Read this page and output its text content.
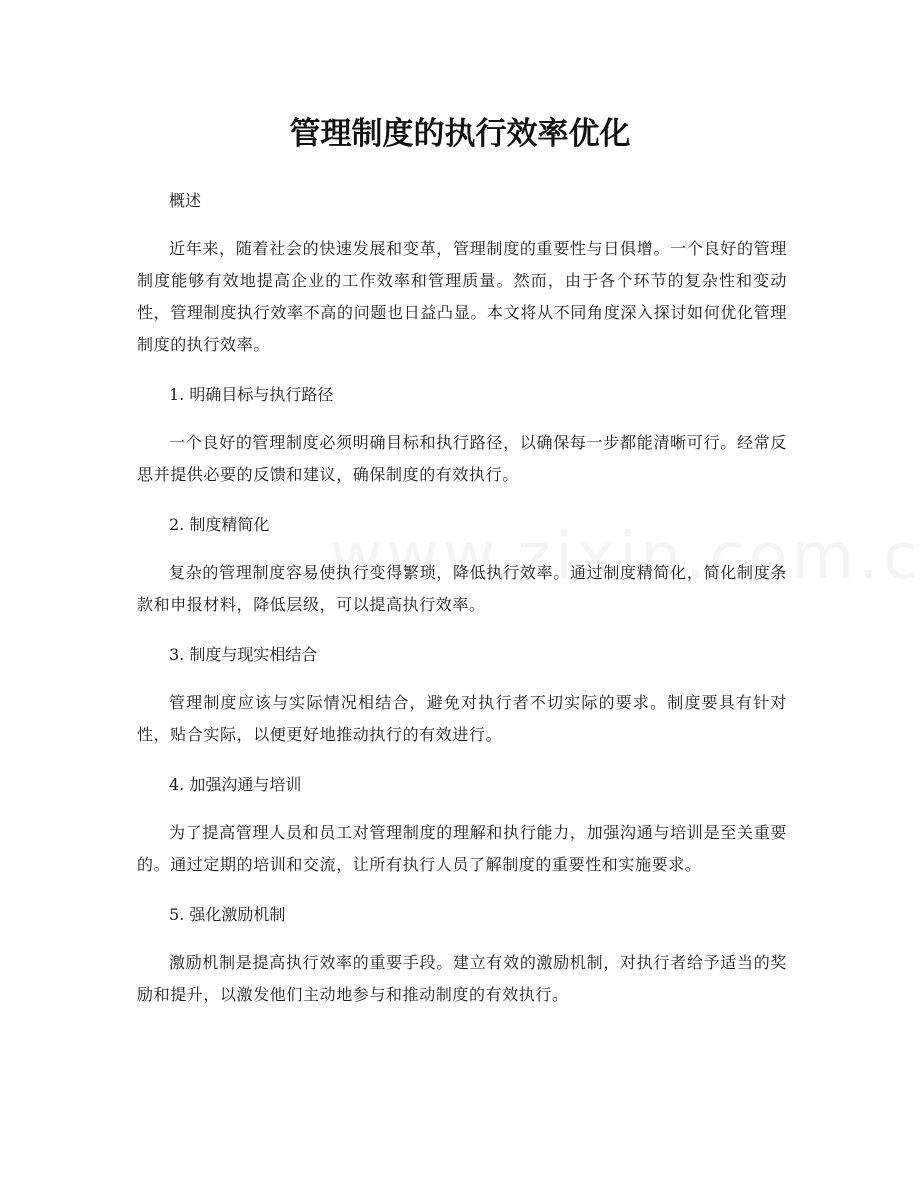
管理制度的执行效率优化

概述

近年来，随着社会的快速发展和变革，管理制度的重要性与日俱增。一个良好的管理制度能够有效地提高企业的工作效率和管理质量。然而，由于各个环节的复杂性和变动性，管理制度执行效率不高的问题也日益凸显。本文将从不同角度深入探讨如何优化管理制度的执行效率。

1. 明确目标与执行路径

一个良好的管理制度必须明确目标和执行路径，以确保每一步都能清晰可行。经常反思并提供必要的反馈和建议，确保制度的有效执行。

2. 制度精简化

复杂的管理制度容易使执行变得繁琐，降低执行效率。通过制度精简化，简化制度条款和申报材料，降低层级，可以提高执行效率。

3. 制度与现实相结合

管理制度应该与实际情况相结合，避免对执行者不切实际的要求。制度要具有针对性，贴合实际，以便更好地推动执行的有效进行。

4. 加强沟通与培训

为了提高管理人员和员工对管理制度的理解和执行能力，加强沟通与培训是至关重要的。通过定期的培训和交流，让所有执行人员了解制度的重要性和实施要求。

5. 强化激励机制

激励机制是提高执行效率的重要手段。建立有效的激励机制，对执行者给予适当的奖励和提升，以激发他们主动地参与和推动制度的有效执行。
